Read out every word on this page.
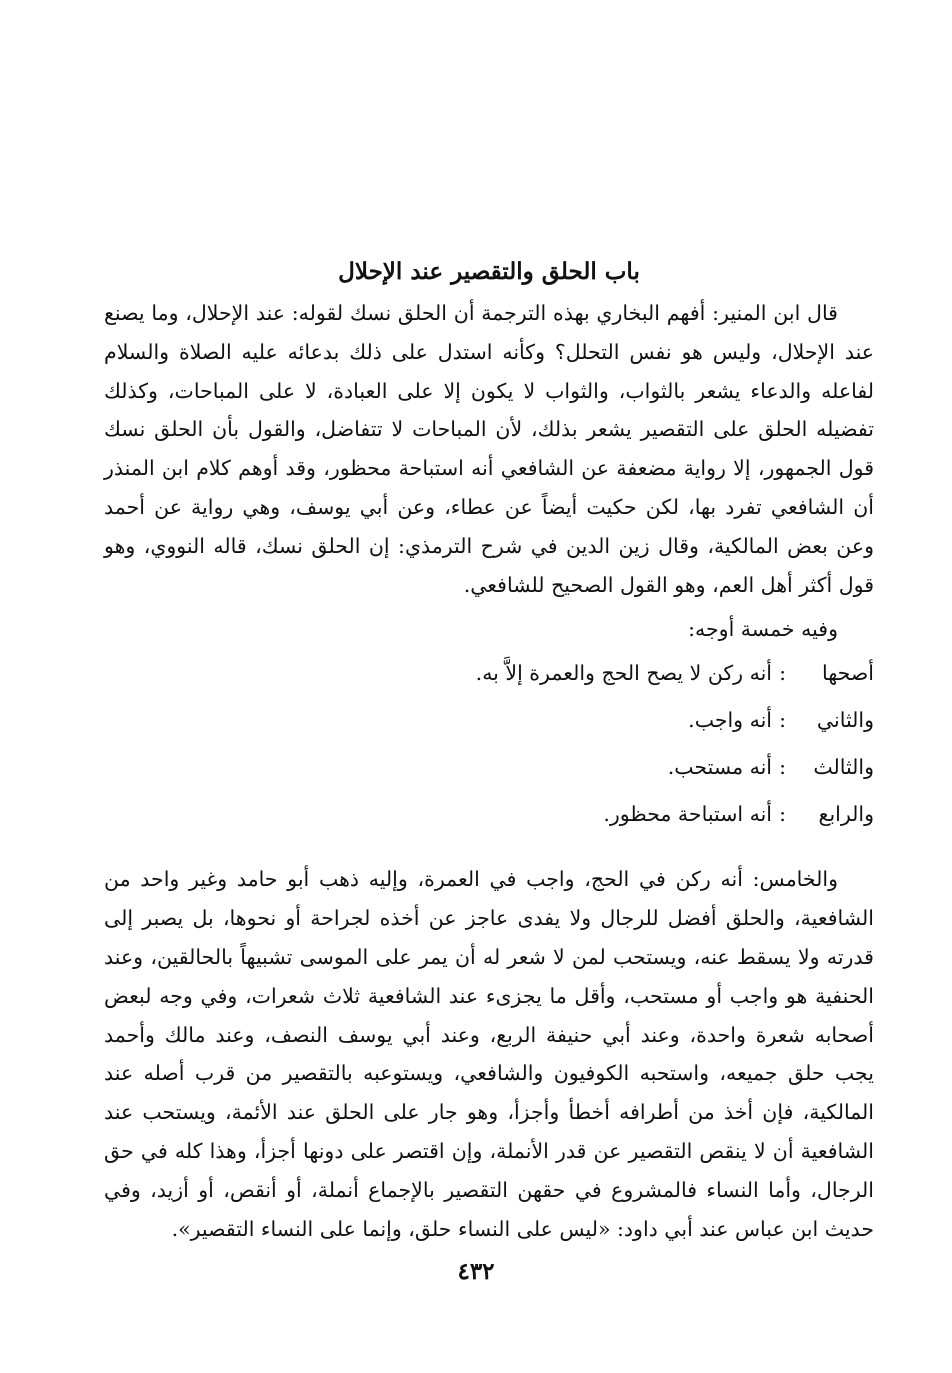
باب الحلق والتقصير عند الإحلال

قال ابن المنير: أفهم البخاري بهذه الترجمة أن الحلق نسك لقوله: عند الإحلال، وما يصنع عند الإحلال، وليس هو نفس التحلل؟ وكأنه استدل على ذلك بدعائه عليه الصلاة والسلام لفاعله والدعاء يشعر بالثواب، والثواب لا يكون إلا على العبادة، لا على المباحات، وكذلك تفضيله الحلق على التقصير يشعر بذلك، لأن المباحات لا تتفاضل، والقول بأن الحلق نسك قول الجمهور، إلا رواية مضعفة عن الشافعي أنه استباحة محظور، وقد أوهم كلام ابن المنذر أن الشافعي تفرد بها، لكن حكيت أيضاً عن عطاء، وعن أبي يوسف، وهي رواية عن أحمد وعن بعض المالكية، وقال زين الدين في شرح الترمذي: إن الحلق نسك، قاله النووي، وهو قول أكثر أهل العم، وهو القول الصحيح للشافعي.

وفيه خمسة أوجه:

أصحها
:
أنه ركن لا يصح الحج والعمرة إلاَّ به.
والثاني
:
أنه واجب.
والثالث
:
أنه مستحب.
والرابع
:
أنه استباحة محظور.

والخامس: أنه ركن في الحج، واجب في العمرة، وإليه ذهب أبو حامد وغير واحد من الشافعية، والحلق أفضل للرجال ولا يفدى عاجز عن أخذه لجراحة أو نحوها، بل يصبر إلى قدرته ولا يسقط عنه، ويستحب لمن لا شعر له أن يمر على الموسى تشبيهاً بالحالقين، وعند الحنفية هو واجب أو مستحب، وأقل ما يجزىء عند الشافعية ثلاث شعرات، وفي وجه لبعض أصحابه شعرة واحدة، وعند أبي حنيفة الربع، وعند أبي يوسف النصف، وعند مالك وأحمد يجب حلق جميعه، واستحبه الكوفيون والشافعي، ويستوعبه بالتقصير من قرب أصله عند المالكية، فإن أخذ من أطرافه أخطأ وأجزأ، وهو جار على الحلق عند الأئمة، ويستحب عند الشافعية أن لا ينقص التقصير عن قدر الأنملة، وإن اقتصر على دونها أجزأ، وهذا كله في حق الرجال، وأما النساء فالمشروع في حقهن التقصير بالإجماع أنملة، أو أنقص، أو أزيد، وفي حديث ابن عباس عند أبي داود: «ليس على النساء حلق، وإنما على النساء التقصير».

٤٣٢
